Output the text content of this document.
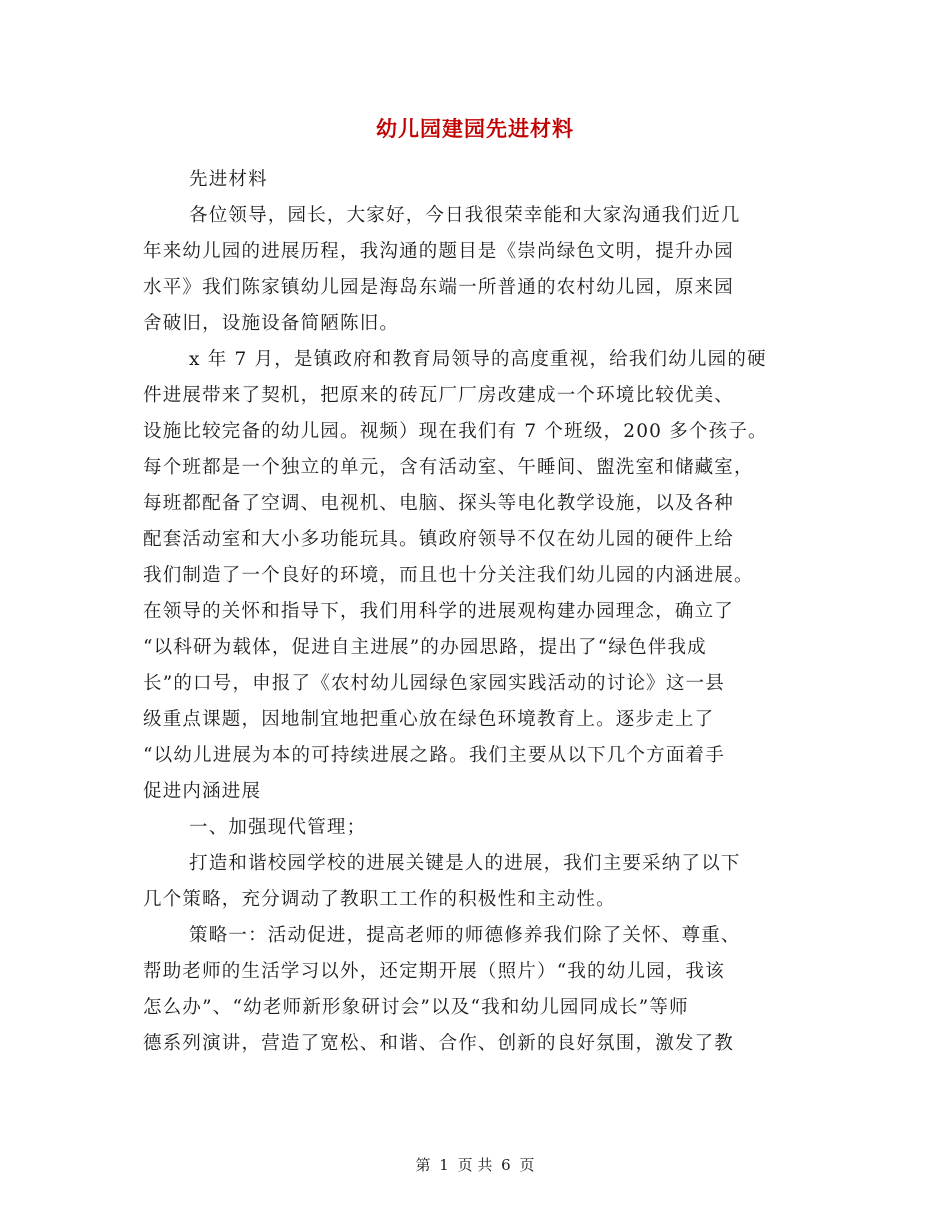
幼儿园建园先进材料
先进材料
各位领导，园长，大家好，今日我很荣幸能和大家沟通我们近几
年来幼儿园的进展历程，我沟通的题目是《崇尚绿色文明，提升办园
水平》我们陈家镇幼儿园是海岛东端一所普通的农村幼儿园，原来园
舍破旧，设施设备简陋陈旧。
x 年 7 月，是镇政府和教育局领导的高度重视，给我们幼儿园的硬
件进展带来了契机，把原来的砖瓦厂厂房改建成一个环境比较优美、
设施比较完备的幼儿园。视频）现在我们有 7 个班级，200 多个孩子。
每个班都是一个独立的单元，含有活动室、午睡间、盥洗室和储藏室，
每班都配备了空调、电视机、电脑、探头等电化教学设施，以及各种
配套活动室和大小多功能玩具。镇政府领导不仅在幼儿园的硬件上给
我们制造了一个良好的环境，而且也十分关注我们幼儿园的内涵进展。
在领导的关怀和指导下，我们用科学的进展观构建办园理念，确立了
“以科研为载体，促进自主进展”的办园思路，提出了“绿色伴我成
长”的口号，申报了《农村幼儿园绿色家园实践活动的讨论》这一县
级重点课题，因地制宜地把重心放在绿色环境教育上。逐步走上了
“以幼儿进展为本的可持续进展之路。我们主要从以下几个方面着手
促进内涵进展
一、加强现代管理；
打造和谐校园学校的进展关键是人的进展，我们主要采纳了以下
几个策略，充分调动了教职工工作的积极性和主动性。
策略一：活动促进，提高老师的师德修养我们除了关怀、尊重、
帮助老师的生活学习以外，还定期开展（照片）“我的幼儿园，我该
怎么办”、“幼老师新形象研讨会”以及“我和幼儿园同成长”等师
德系列演讲，营造了宽松、和谐、合作、创新的良好氛围，激发了教
第 1 页 共 6 页
